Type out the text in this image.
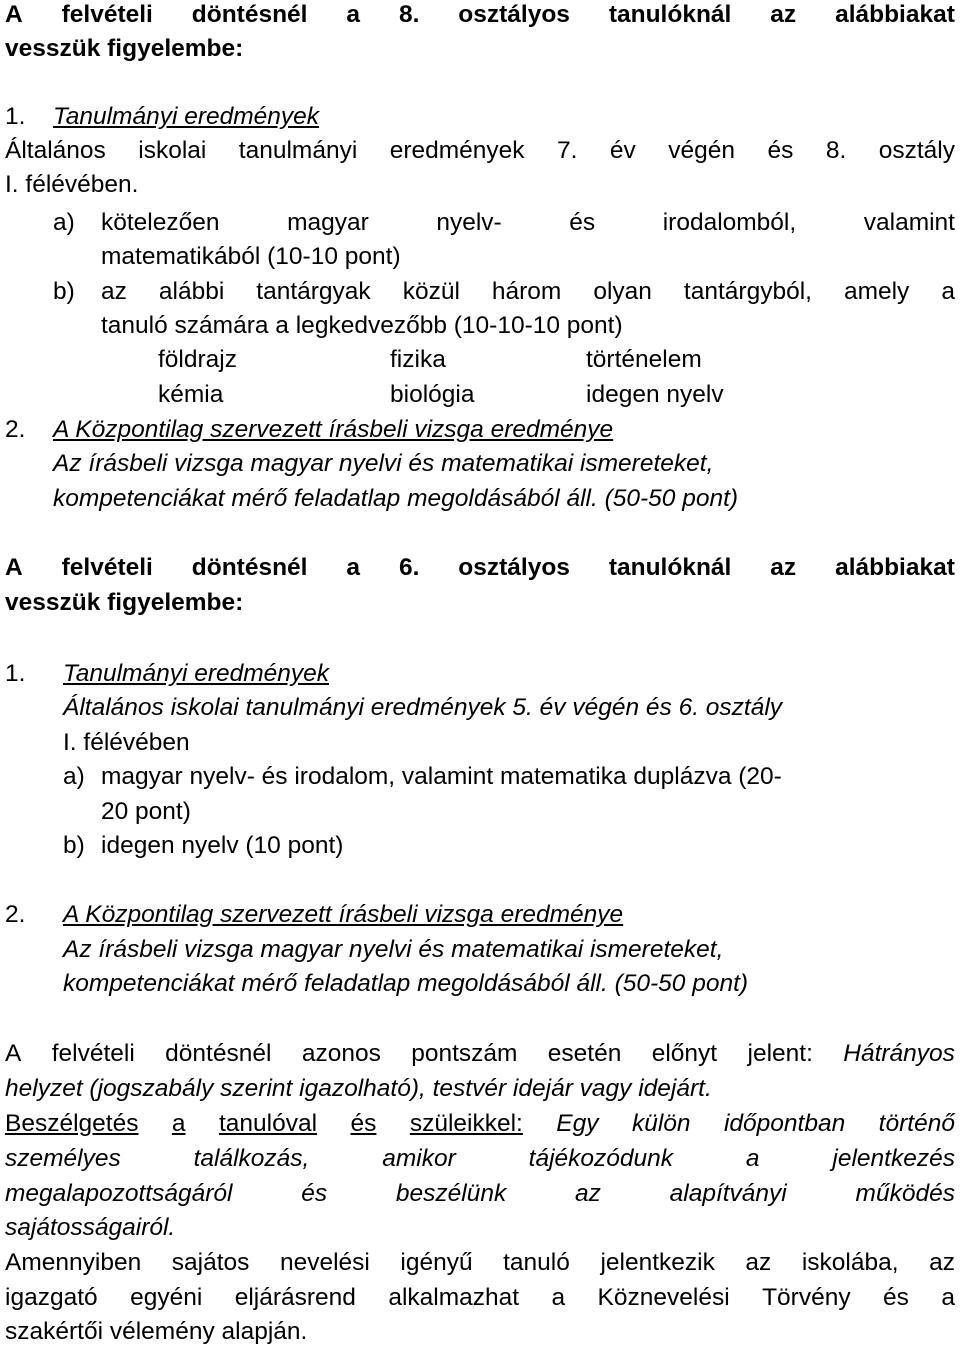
A felvételi döntésnél a 8. osztályos tanulóknál az alábbiakat
vesszük figyelembe:
1. Tanulmányi eredmények
Általános iskolai tanulmányi eredmények 7. év végén és 8. osztály
I. félévében.
a) kötelezően	magyar	nyelv-	és	irodalomból,	valamint
matematikából (10-10 pont)
b) az alábbi tantárgyak közül három olyan tantárgyból, amely a
tanuló számára a legkedvezőbb (10-10-10 pont)
földrajz	fizika	történelem
kémia	biológia	idegen nyelv
2. A Központilag szervezett írásbeli vizsga eredménye
Az írásbeli vizsga magyar nyelvi és matematikai ismereteket,
kompetenciákat mérő feladatlap megoldásából áll. (50-50 pont)
A felvételi döntésnél a 6. osztályos tanulóknál az alábbiakat
vesszük figyelembe:
1. Tanulmányi eredmények
Általános iskolai tanulmányi eredmények 5. év végén és 6. osztály
I. félévében
a) magyar nyelv- és irodalom, valamint matematika duplázva (20-
20 pont)
b) idegen nyelv (10 pont)
2. A Központilag szervezett írásbeli vizsga eredménye
Az írásbeli vizsga magyar nyelvi és matematikai ismereteket,
kompetenciákat mérő feladatlap megoldásából áll. (50-50 pont)
A felvételi döntésnél azonos pontszám esetén előnyt jelent: Hátrányos
helyzet (jogszabály szerint igazolható), testvér idejár vagy idejárt.
Beszélgetés a tanulóval és szüleikkel: Egy külön időpontban történő
személyes	találkozás,	amikor	tájékozódunk	a	jelentkezés
megalapozottságáról	és	beszélünk	az	alapítványi	működés
sajátosságairól.
Amennyiben sajátos nevelési igényű tanuló jelentkezik az iskolába, az
igazgató egyéni eljárásrend alkalmazhat a Köznevelési Törvény és a
szakértői vélemény alapján.
